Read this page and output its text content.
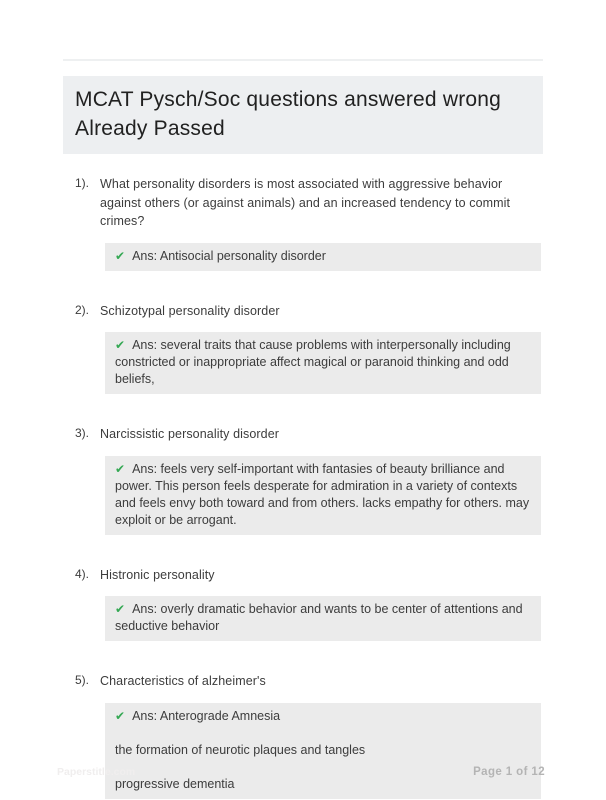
MCAT Pysch/Soc questions answered wrong Already Passed
1). What personality disorders is most associated with aggressive behavior against others (or against animals) and an increased tendency to commit crimes?
✔ Ans: Antisocial personality disorder
2). Schizotypal personality disorder
✔ Ans: several traits that cause problems with interpersonally including constricted or inappropriate affect magical or paranoid thinking and odd beliefs,
3). Narcissistic personality disorder
✔ Ans: feels very self-important with fantasies of beauty brilliance and power. This person feels desperate for admiration in a variety of contexts and feels envy both toward and from others. lacks empathy for others. may exploit or be arrogant.
4). Histronic personality
✔ Ans: overly dramatic behavior and wants to be center of attentions and seductive behavior
5). Characteristics of alzheimer's
✔ Ans: Anterograde Amnesia
the formation of neurotic plaques and tangles
progressive dementia
Paperstitle.com	Page 1 of 12
